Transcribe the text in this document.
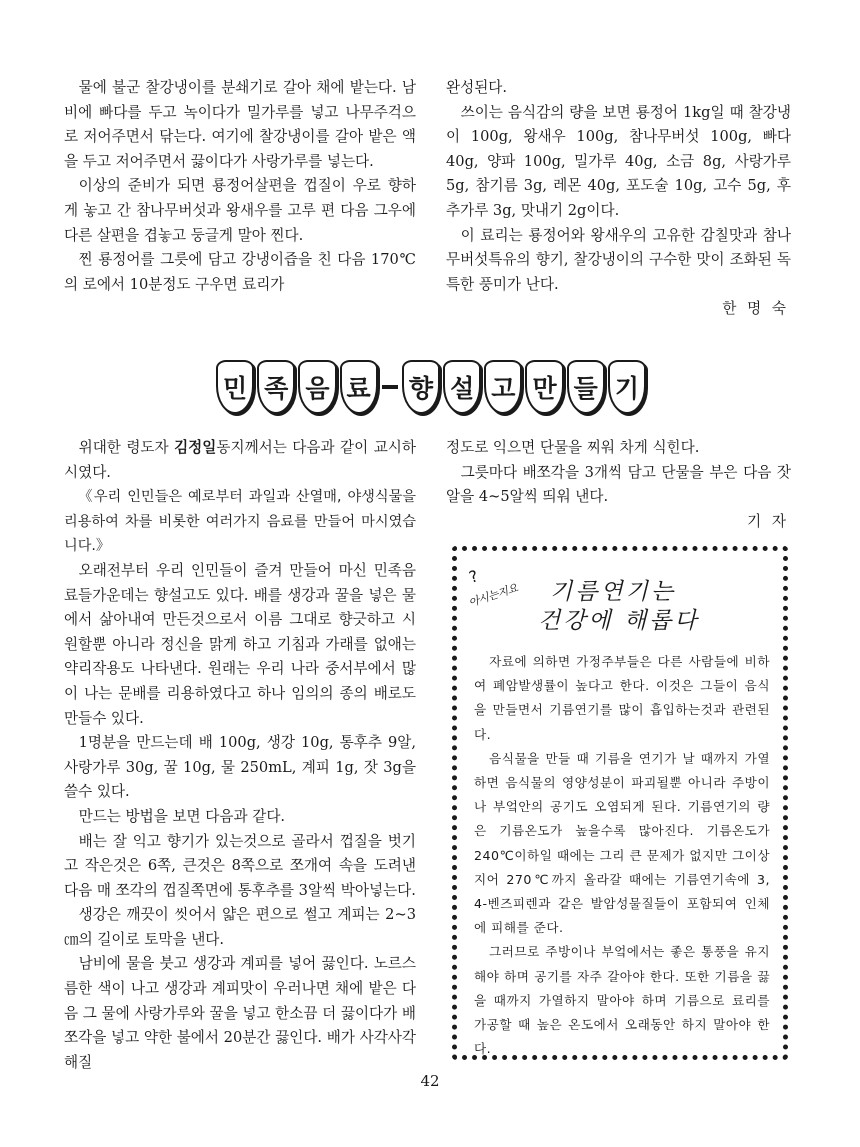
물에 불군 찰강냉이를 분쇄기로 갈아 채에 밭는다. 남비에 빠다를 두고 녹이다가 밀가루를 넣고 나무주걱으로 저어주면서 닦는다. 여기에 찰강냉이를 갈아 밭은 액을 두고 저어주면서 끓이다가 사랑가루를 넣는다.

이상의 준비가 되면 룡정어살편을 껍질이 우로 향하게 놓고 간 참나무버섯과 왕새우를 고루 편 다음 그우에 다른 살편을 겹놓고 둥글게 말아 찐다.

찐 룡정어를 그릇에 담고 강냉이즙을 친 다음 170℃의 로에서 10분정도 구우면 료리가

완성된다.

쓰이는 음식감의 량을 보면 룡정어 1kg일 때 찰강냉이 100g, 왕새우 100g, 참나무버섯 100g, 빠다 40g, 양파 100g, 밀가루 40g, 소금 8g, 사랑가루 5g, 참기름 3g, 레몬 40g, 포도술 10g, 고수 5g, 후추가루 3g, 맛내기 2g이다.

이 료리는 룡정어와 왕새우의 고유한 감칠맛과 참나무버섯특유의 향기, 찰강냉이의 구수한 맛이 조화된 독특한 풍미가 난다.

한 명 숙

민 족 음 료 향 설 고 만 들 기

위대한 령도자 김정일동지께서는 다음과 같이 교시하시였다.

《우리 인민들은 예로부터 과일과 산열매, 야생식물을 리용하여 차를 비롯한 여러가지 음료를 만들어 마시였습니다.》

오래전부터 우리 인민들이 즐겨 만들어 마신 민족음료들가운데는 향설고도 있다. 배를 생강과 꿀을 넣은 물에서 삶아내여 만든것으로서 이름 그대로 향긋하고 시원할뿐 아니라 정신을 맑게 하고 기침과 가래를 없애는 약리작용도 나타낸다. 원래는 우리 나라 중서부에서 많이 나는 문배를 리용하였다고 하나 임의의 종의 배로도 만들수 있다.

1명분을 만드는데 배 100g, 생강 10g, 통후추 9알, 사랑가루 30g, 꿀 10g, 물 250mL, 계피 1g, 잣 3g을 쓸수 있다.

만드는 방법을 보면 다음과 같다.

배는 잘 익고 향기가 있는것으로 골라서 껍질을 벗기고 작은것은 6쪽, 큰것은 8쪽으로 쪼개여 속을 도려낸 다음 매 쪼각의 껍질쪽면에 통후추를 3알씩 박아넣는다.

생강은 깨끗이 씻어서 얇은 편으로 썰고 계피는 2~3㎝의 길이로 토막을 낸다.

남비에 물을 붓고 생강과 계피를 넣어 끓인다. 노르스름한 색이 나고 생강과 계피맛이 우러나면 채에 밭은 다음 그 물에 사랑가루와 꿀을 넣고 한소끔 더 끓이다가 배쪼각을 넣고 약한 불에서 20분간 끓인다. 배가 사각사각해질

정도로 익으면 단물을 찌워 차게 식힌다.

그릇마다 배쪼각을 3개씩 담고 단물을 부은 다음 잣알을 4~5알씩 띄워 낸다.

기 자

? 아시는지요	기름연기는
건강에 해롭다

자료에 의하면 가정주부들은 다른 사람들에 비하여 폐암발생률이 높다고 한다. 이것은 그들이 음식을 만들면서 기름연기를 많이 흡입하는것과 관련된다.

음식물을 만들 때 기름을 연기가 날 때까지 가열하면 음식물의 영양성분이 파괴될뿐 아니라 주방이나 부엌안의 공기도 오염되게 된다. 기름연기의 량은 기름온도가 높을수록 많아진다. 기름온도가 240℃이하일 때에는 그리 큰 문제가 없지만 그이상 지어 270℃까지 올라갈 때에는 기름연기속에 3, 4-벤즈피렌과 같은 발암성물질들이 포함되여 인체에 피해를 준다.

그러므로 주방이나 부엌에서는 좋은 통풍을 유지해야 하며 공기를 자주 갈아야 한다. 또한 기름을 끓을 때까지 가열하지 말아야 하며 기름으로 료리를 가공할 때 높은 온도에서 오래동안 하지 말아야 한다.

42
